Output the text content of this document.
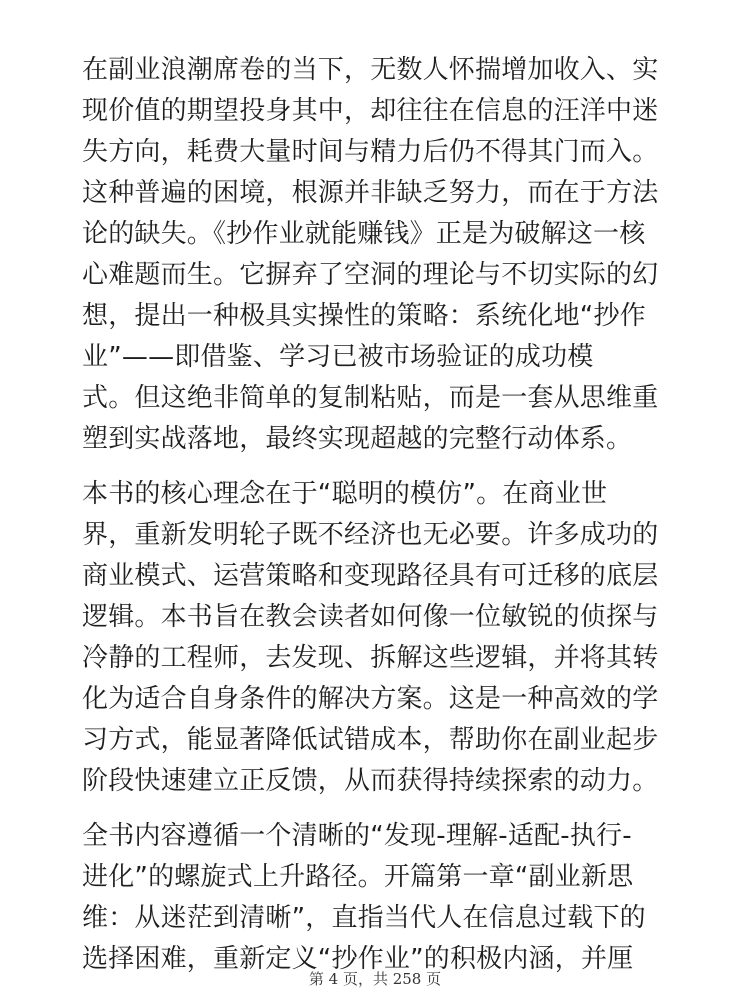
在副业浪潮席卷的当下，无数人怀揣增加收入、实
现价值的期望投身其中，却往往在信息的汪洋中迷
失方向，耗费大量时间与精力后仍不得其门而入。
这种普遍的困境，根源并非缺乏努力，而在于方法
论的缺失。《抄作业就能赚钱》正是为破解这一核
心难题而生。它摒弃了空洞的理论与不切实际的幻
想，提出一种极具实操性的策略：系统化地“抄作
业”——即借鉴、学习已被市场验证的成功模
式。但这绝非简单的复制粘贴，而是一套从思维重
塑到实战落地，最终实现超越的完整行动体系。

本书的核心理念在于“聪明的模仿”。在商业世
界，重新发明轮子既不经济也无必要。许多成功的
商业模式、运营策略和变现路径具有可迁移的底层
逻辑。本书旨在教会读者如何像一位敏锐的侦探与
冷静的工程师，去发现、拆解这些逻辑，并将其转
化为适合自身条件的解决方案。这是一种高效的学
习方式，能显著降低试错成本，帮助你在副业起步
阶段快速建立正反馈，从而获得持续探索的动力。

全书内容遵循一个清晰的“发现-理解-适配-执行-
进化”的螺旋式上升路径。开篇第一章“副业新思
维：从迷茫到清晰”，直指当代人在信息过载下的
选择困难，重新定义“抄作业”的积极内涵，并厘

第 4 页，共 258 页
